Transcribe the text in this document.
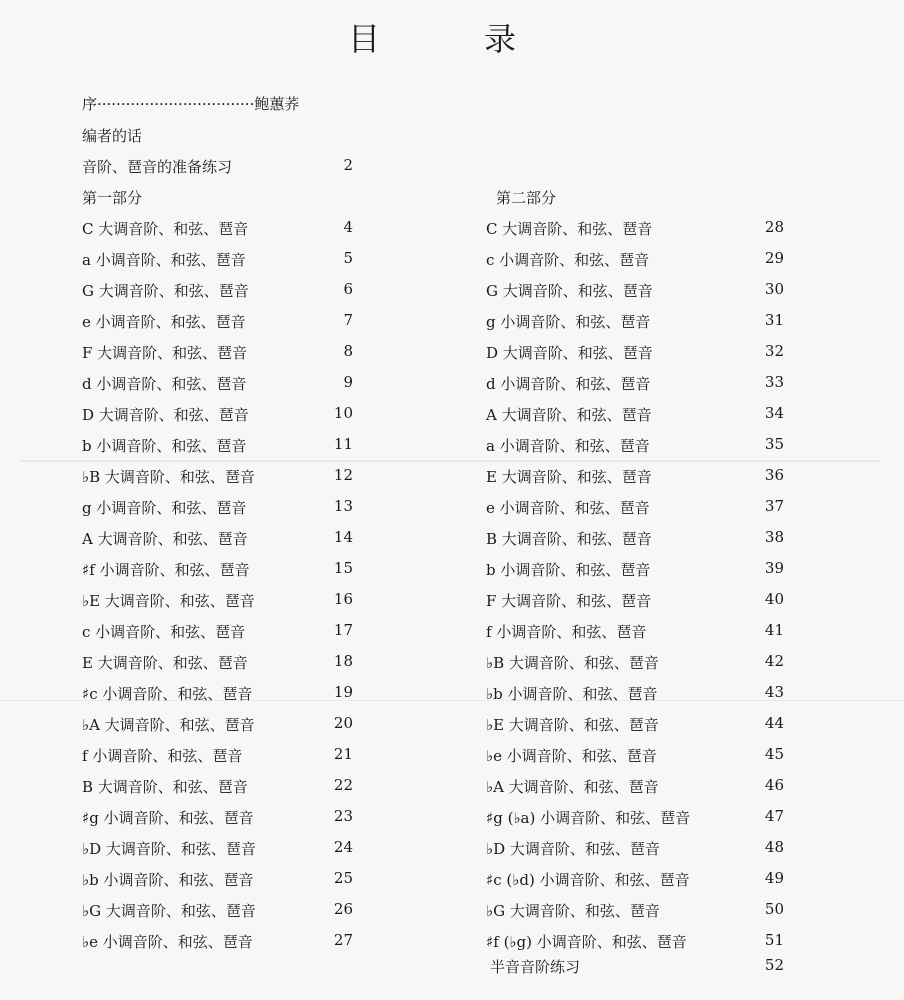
目	录
序·································鲍蕙荞
编者的话
音阶、琶音的准备练习	2
第一部分	第二部分
C 大调音阶、和弦、琶音	4
a 小调音阶、和弦、琶音	5
G 大调音阶、和弦、琶音	6
e 小调音阶、和弦、琶音	7
F 大调音阶、和弦、琶音	8
d 小调音阶、和弦、琶音	9
D 大调音阶、和弦、琶音	10
b 小调音阶、和弦、琶音	11
♭B 大调音阶、和弦、琶音	12
g 小调音阶、和弦、琶音	13
A 大调音阶、和弦、琶音	14
♯f 小调音阶、和弦、琶音	15
♭E 大调音阶、和弦、琶音	16
c 小调音阶、和弦、琶音	17
E 大调音阶、和弦、琶音	18
♯c 小调音阶、和弦、琶音	19
♭A 大调音阶、和弦、琶音	20
f 小调音阶、和弦、琶音	21
B 大调音阶、和弦、琶音	22
♯g 小调音阶、和弦、琶音	23
♭D 大调音阶、和弦、琶音	24
♭b 小调音阶、和弦、琶音	25
♭G 大调音阶、和弦、琶音	26
♭e 小调音阶、和弦、琶音	27
C 大调音阶、和弦、琶音	28
c 小调音阶、和弦、琶音	29
G 大调音阶、和弦、琶音	30
g 小调音阶、和弦、琶音	31
D 大调音阶、和弦、琶音	32
d 小调音阶、和弦、琶音	33
A 大调音阶、和弦、琶音	34
a 小调音阶、和弦、琶音	35
E 大调音阶、和弦、琶音	36
e 小调音阶、和弦、琶音	37
B 大调音阶、和弦、琶音	38
b 小调音阶、和弦、琶音	39
F 大调音阶、和弦、琶音	40
f 小调音阶、和弦、琶音	41
♭B 大调音阶、和弦、琶音	42
♭b 小调音阶、和弦、琶音	43
♭E 大调音阶、和弦、琶音	44
♭e 小调音阶、和弦、琶音	45
♭A 大调音阶、和弦、琶音	46
♯g (♭a) 小调音阶、和弦、琶音	47
♭D 大调音阶、和弦、琶音	48
♯c (♭d) 小调音阶、和弦、琶音	49
♭G 大调音阶、和弦、琶音	50
♯f (♭g) 小调音阶、和弦、琶音	51
半音音阶练习	52
